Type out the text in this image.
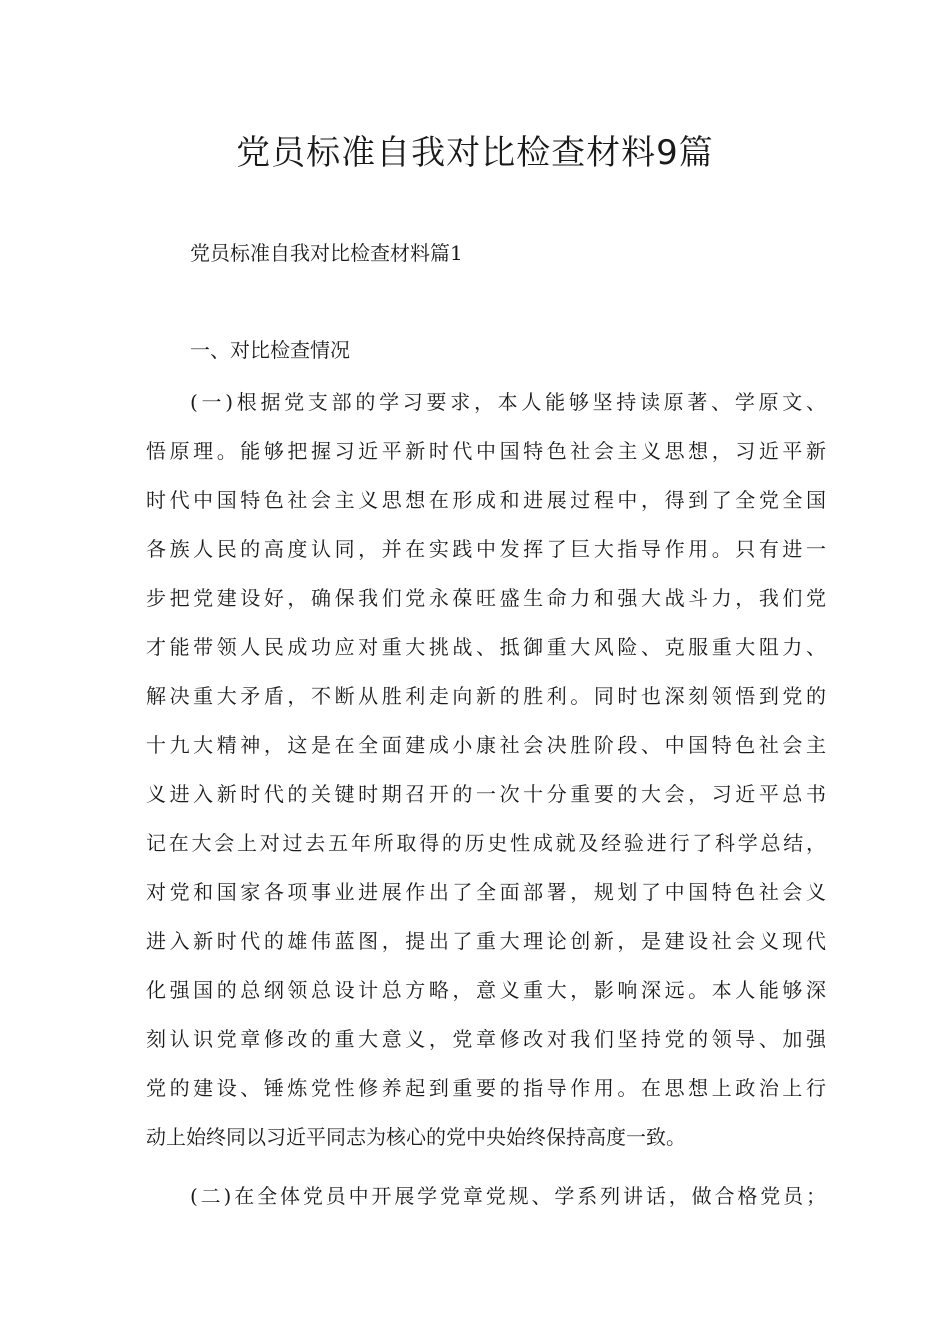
党员标准自我对比检查材料9篇

党员标准自我对比检查材料篇1

一、对比检查情况

(一)根据党支部的学习要求，本人能够坚持读原著、学原文、
悟原理。能够把握习近平新时代中国特色社会主义思想，习近平新
时代中国特色社会主义思想在形成和进展过程中，得到了全党全国
各族人民的高度认同，并在实践中发挥了巨大指导作用。只有进一
步把党建设好，确保我们党永葆旺盛生命力和强大战斗力，我们党
才能带领人民成功应对重大挑战、抵御重大风险、克服重大阻力、
解决重大矛盾，不断从胜利走向新的胜利。同时也深刻领悟到党的
十九大精神，这是在全面建成小康社会决胜阶段、中国特色社会主
义进入新时代的关键时期召开的一次十分重要的大会，习近平总书
记在大会上对过去五年所取得的历史性成就及经验进行了科学总结，
对党和国家各项事业进展作出了全面部署，规划了中国特色社会义
进入新时代的雄伟蓝图，提出了重大理论创新，是建设社会义现代
化强国的总纲领总设计总方略，意义重大，影响深远。本人能够深
刻认识党章修改的重大意义，党章修改对我们坚持党的领导、加强
党的建设、锤炼党性修养起到重要的指导作用。在思想上政治上行
动上始终同以习近平同志为核心的党中央始终保持高度一致。
(二)在全体党员中开展学党章党规、学系列讲话，做合格党员；
